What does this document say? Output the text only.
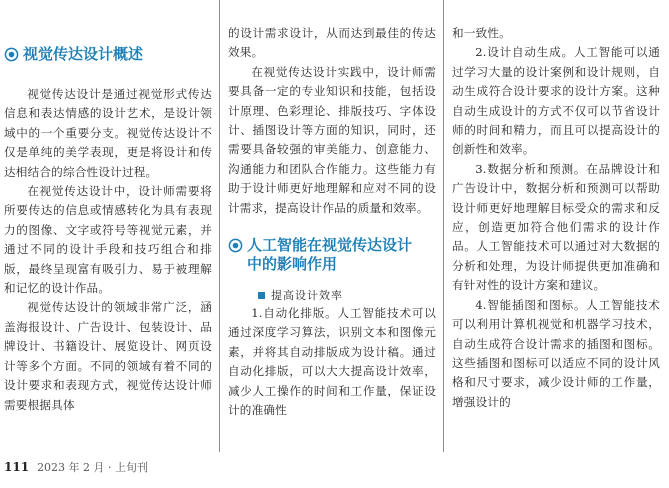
视觉传达设计概述

视觉传达设计是通过视觉形式传达信息和表达情感的设计艺术，是设计领域中的一个重要分支。视觉传达设计不仅是单纯的美学表现，更是将设计和传达相结合的综合性设计过程。

在视觉传达设计中，设计师需要将所要传达的信息或情感转化为具有表现力的图像、文字或符号等视觉元素，并通过不同的设计手段和技巧组合和排版，最终呈现富有吸引力、易于被理解和记忆的设计作品。

视觉传达设计的领域非常广泛，涵盖海报设计、广告设计、包装设计、品牌设计、书籍设计、展览设计、网页设计等多个方面。不同的领域有着不同的设计要求和表现方式，视觉传达设计师需要根据具体

的设计需求设计，从而达到最佳的传达效果。

在视觉传达设计实践中，设计师需要具备一定的专业知识和技能，包括设计原理、色彩理论、排版技巧、字体设计、插图设计等方面的知识，同时，还需要具备较强的审美能力、创意能力、沟通能力和团队合作能力。这些能力有助于设计师更好地理解和应对不同的设计需求，提高设计作品的质量和效率。

人工智能在视觉传达设计
中的影响作用
提高设计效率

1.自动化排版。人工智能技术可以通过深度学习算法，识别文本和图像元素，并将其自动排版成为设计稿。通过自动化排版，可以大大提高设计效率，减少人工操作的时间和工作量，保证设计的准确性

和一致性。

2.设计自动生成。人工智能可以通过学习大量的设计案例和设计规则，自动生成符合设计要求的设计方案。这种自动生成设计的方式不仅可以节省设计师的时间和精力，而且可以提高设计的创新性和效率。

3.数据分析和预测。在品牌设计和广告设计中，数据分析和预测可以帮助设计师更好地理解目标受众的需求和反应，创造更加符合他们需求的设计作品。人工智能技术可以通过对大数据的分析和处理，为设计师提供更加准确和有针对性的设计方案和建议。

4.智能插图和图标。人工智能技术可以利用计算机视觉和机器学习技术，自动生成符合设计需求的插图和图标。这些插图和图标可以适应不同的设计风格和尺寸要求，减少设计师的工作量，增强设计的

111 2023 年 2 月 · 上旬刊
